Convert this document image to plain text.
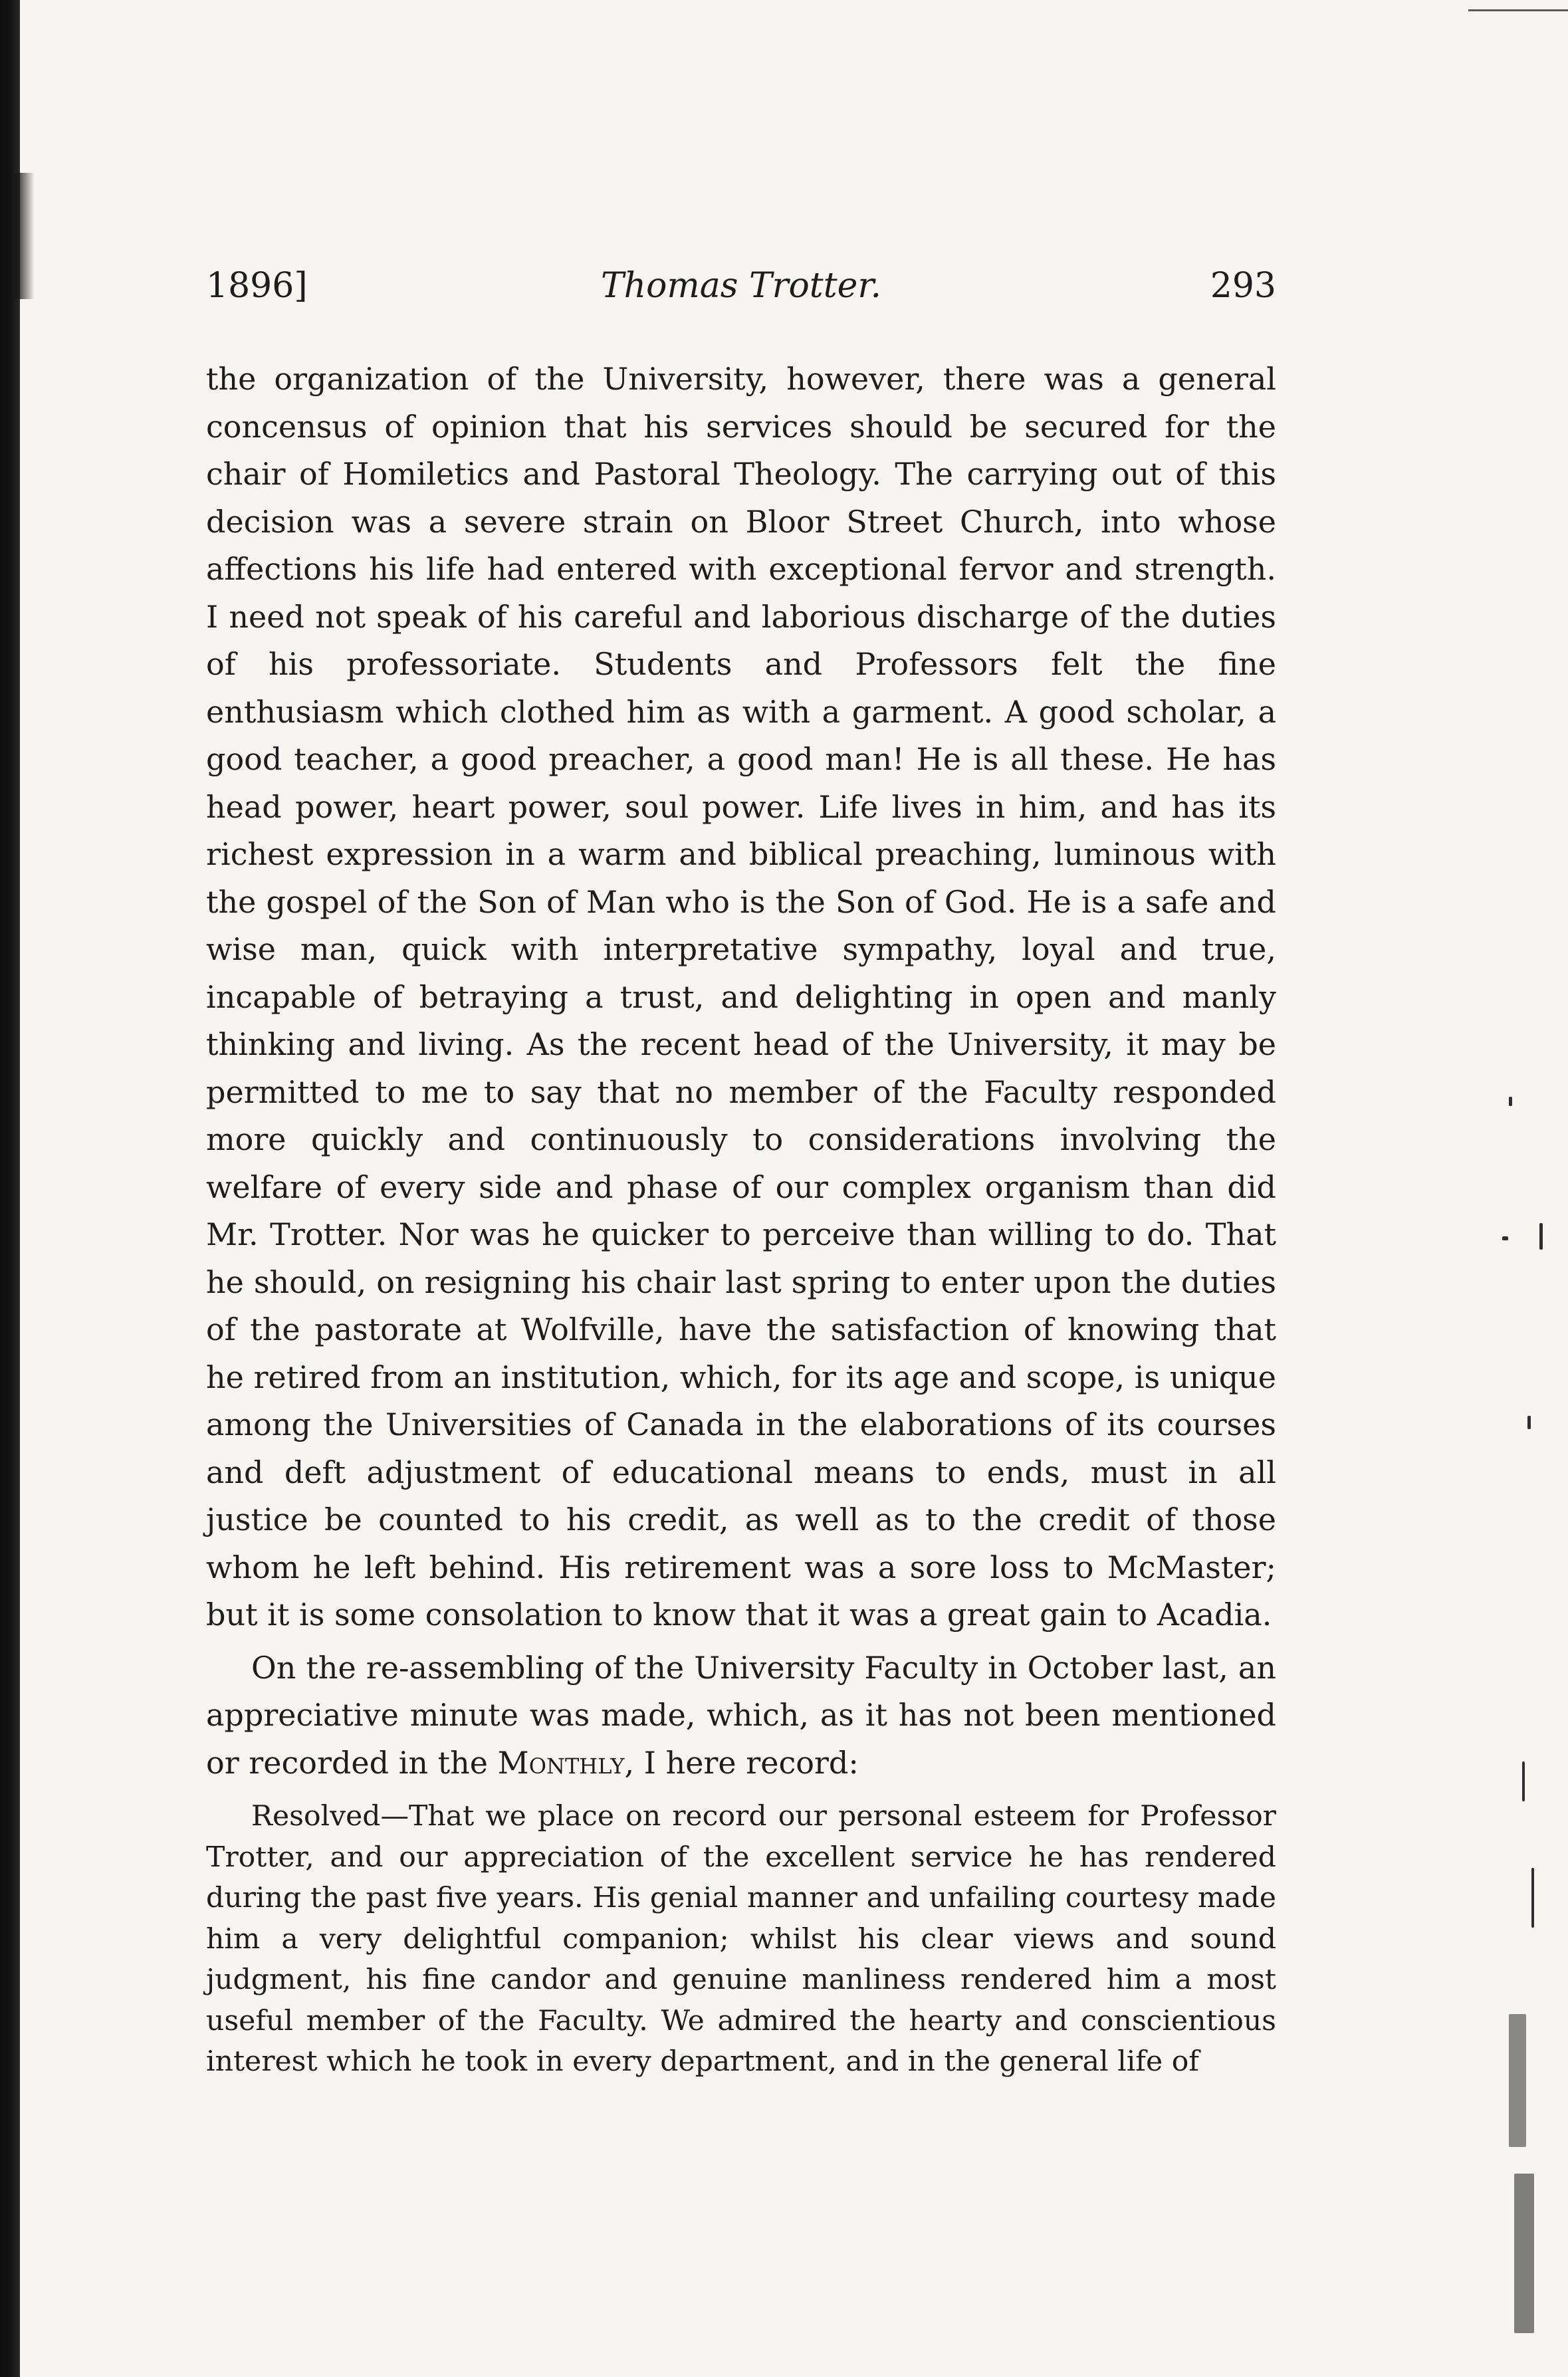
1896]	Thomas Trotter.	293

the organization of the University, however, there was a general concensus of opinion that his services should be secured for the chair of Homiletics and Pastoral Theology. The carrying out of this decision was a severe strain on Bloor Street Church, into whose affections his life had entered with exceptional fervor and strength. I need not speak of his careful and laborious discharge of the duties of his professoriate. Students and Professors felt the fine enthusiasm which clothed him as with a garment. A good scholar, a good teacher, a good preacher, a good man! He is all these. He has head power, heart power, soul power. Life lives in him, and has its richest expression in a warm and biblical preaching, luminous with the gospel of the Son of Man who is the Son of God. He is a safe and wise man, quick with interpretative sympathy, loyal and true, incapable of betraying a trust, and delighting in open and manly thinking and living. As the recent head of the University, it may be permitted to me to say that no member of the Faculty responded more quickly and continuously to considerations involving the welfare of every side and phase of our complex organism than did Mr. Trotter. Nor was he quicker to perceive than willing to do. That he should, on resigning his chair last spring to enter upon the duties of the pastorate at Wolfville, have the satisfaction of knowing that he retired from an institution, which, for its age and scope, is unique among the Universities of Canada in the elaborations of its courses and deft adjustment of educational means to ends, must in all justice be counted to his credit, as well as to the credit of those whom he left behind. His retirement was a sore loss to McMaster; but it is some consolation to know that it was a great gain to Acadia.

On the re-assembling of the University Faculty in October last, an appreciative minute was made, which, as it has not been mentioned or recorded in the Monthly, I here record:

Resolved—That we place on record our personal esteem for Professor Trotter, and our appreciation of the excellent service he has rendered during the past five years. His genial manner and unfailing courtesy made him a very delightful companion; whilst his clear views and sound judgment, his fine candor and genuine manliness rendered him a most useful member of the Faculty. We admired the hearty and conscientious interest which he took in every department, and in the general life of
